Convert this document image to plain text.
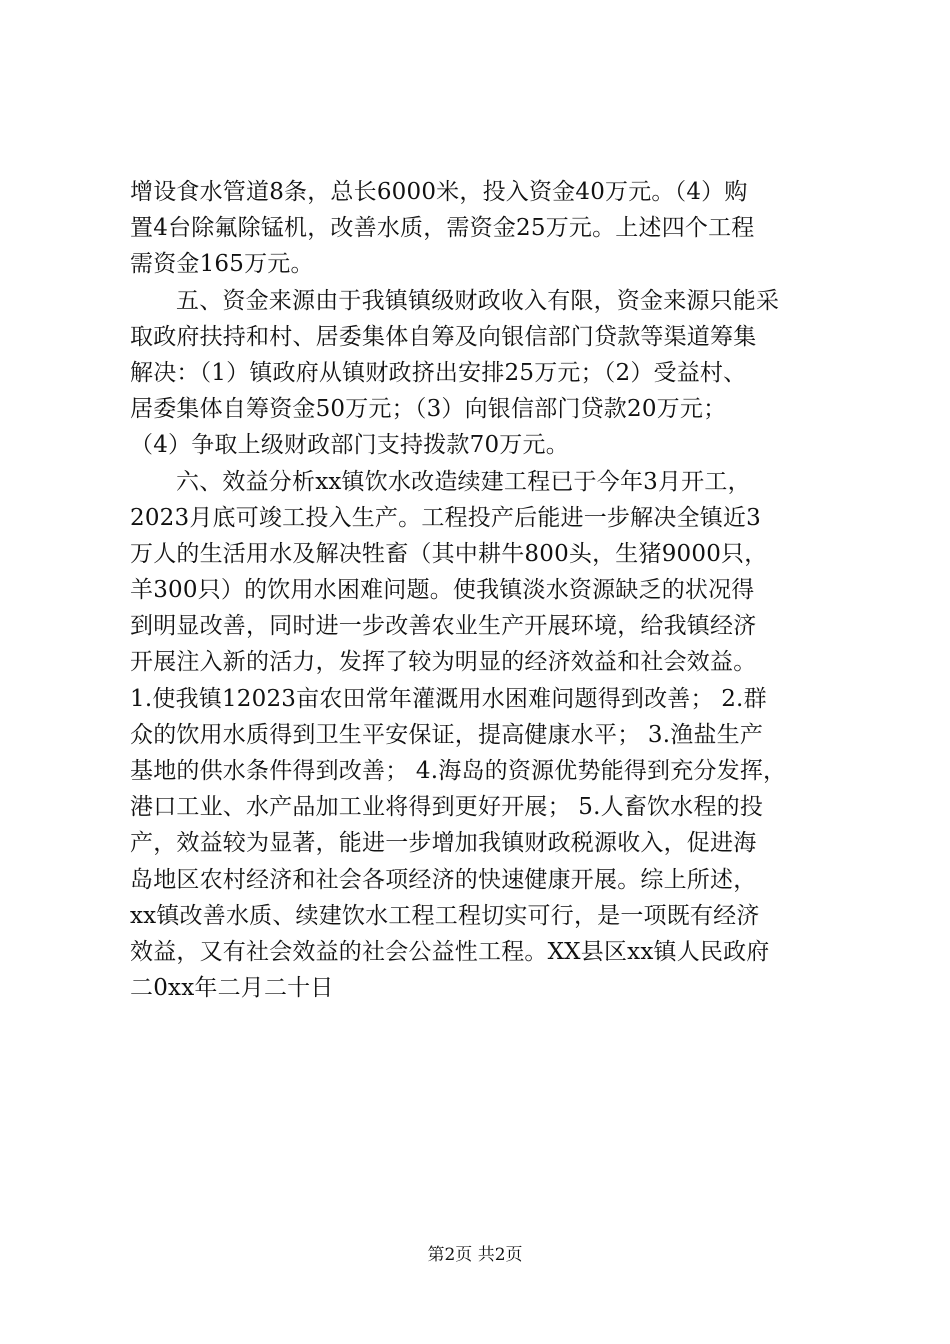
增设食水管道8条，总长6000米，投入资金40万元。（4）购
置4台除氟除锰机，改善水质，需资金25万元。上述四个工程
需资金165万元。
五、资金来源由于我镇镇级财政收入有限，资金来源只能采
取政府扶持和村、居委集体自筹及向银信部门贷款等渠道筹集
解决：（1）镇政府从镇财政挤出安排25万元；（2）受益村、
居委集体自筹资金50万元；（3）向银信部门贷款20万元；
（4）争取上级财政部门支持拨款70万元。
六、效益分析xx镇饮水改造续建工程已于今年3月开工，
2023月底可竣工投入生产。工程投产后能进一步解决全镇近3
万人的生活用水及解决牲畜（其中耕牛800头，生猪9000只，
羊300只）的饮用水困难问题。使我镇淡水资源缺乏的状况得
到明显改善，同时进一步改善农业生产开展环境，给我镇经济
开展注入新的活力，发挥了较为明显的经济效益和社会效益。
1.使我镇12023亩农田常年灌溉用水困难问题得到改善； 2.群
众的饮用水质得到卫生平安保证，提高健康水平； 3.渔盐生产
基地的供水条件得到改善； 4.海岛的资源优势能得到充分发挥，
港口工业、水产品加工业将得到更好开展； 5.人畜饮水程的投
产，效益较为显著，能进一步增加我镇财政税源收入，促进海
岛地区农村经济和社会各项经济的快速健康开展。综上所述，
xx镇改善水质、续建饮水工程工程切实可行，是一项既有经济
效益，又有社会效益的社会公益性工程。XX县区xx镇人民政府
二0xx年二月二十日
第2页 共2页
